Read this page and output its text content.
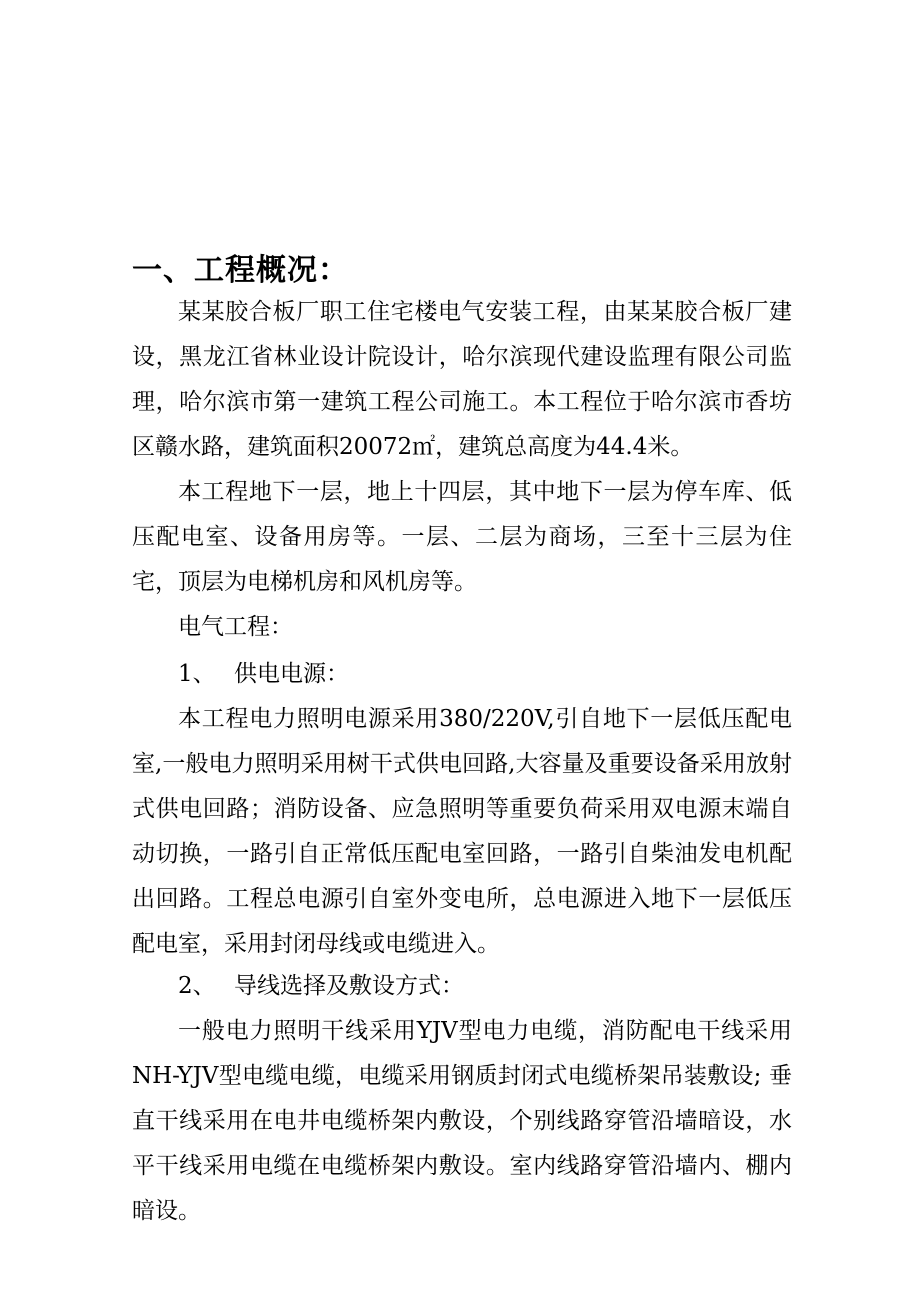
一、工程概况：

某某胶合板厂职工住宅楼电气安装工程，由某某胶合板厂建设，黑龙江省林业设计院设计，哈尔滨现代建设监理有限公司监理，哈尔滨市第一建筑工程公司施工。本工程位于哈尔滨市香坊区赣水路，建筑面积20072㎡，建筑总高度为44.4米。

本工程地下一层，地上十四层，其中地下一层为停车库、低压配电室、设备用房等。一层、二层为商场，三至十三层为住宅，顶层为电梯机房和风机房等。

电气工程：
1、 供电电源：

本工程电力照明电源采用380/220V,引自地下一层低压配电室,一般电力照明采用树干式供电回路,大容量及重要设备采用放射式供电回路；消防设备、应急照明等重要负荷采用双电源末端自动切换，一路引自正常低压配电室回路，一路引自柴油发电机配出回路。工程总电源引自室外变电所，总电源进入地下一层低压配电室，采用封闭母线或电缆进入。

2、 导线选择及敷设方式：

一般电力照明干线采用YJV型电力电缆，消防配电干线采用NH-YJV型电缆电缆，电缆采用钢质封闭式电缆桥架吊装敷设; 垂直干线采用在电井电缆桥架内敷设，个别线路穿管沿墙暗设，水平干线采用电缆在电缆桥架内敷设。室内线路穿管沿墙内、棚内暗设。
